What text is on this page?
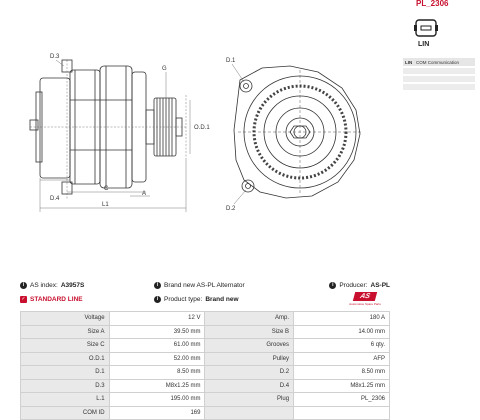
D.3
G
O.D.1
D.4
C
A
L1
D.1
D.2
PL_2306
LIN
LIN COM Communication
i AS index: A3957S	i Brand new AS-PL Alternator	i Producer: AS-PL
✓ STANDARD LINE	i Product type: Brand new	AS
Automotive Spare Parts
Voltage	12 V	Amp.	180 A
Size A	39.50 mm	Size B	14.00 mm
Size C	61.00 mm	Grooves	6 qty.
O.D.1	52.00 mm	Pulley	AFP
D.1	8.50 mm	D.2	8.50 mm
D.3	M8x1.25 mm	D.4	M8x1.25 mm
L.1	195.00 mm	Plug	PL_2306
COM ID	169		
